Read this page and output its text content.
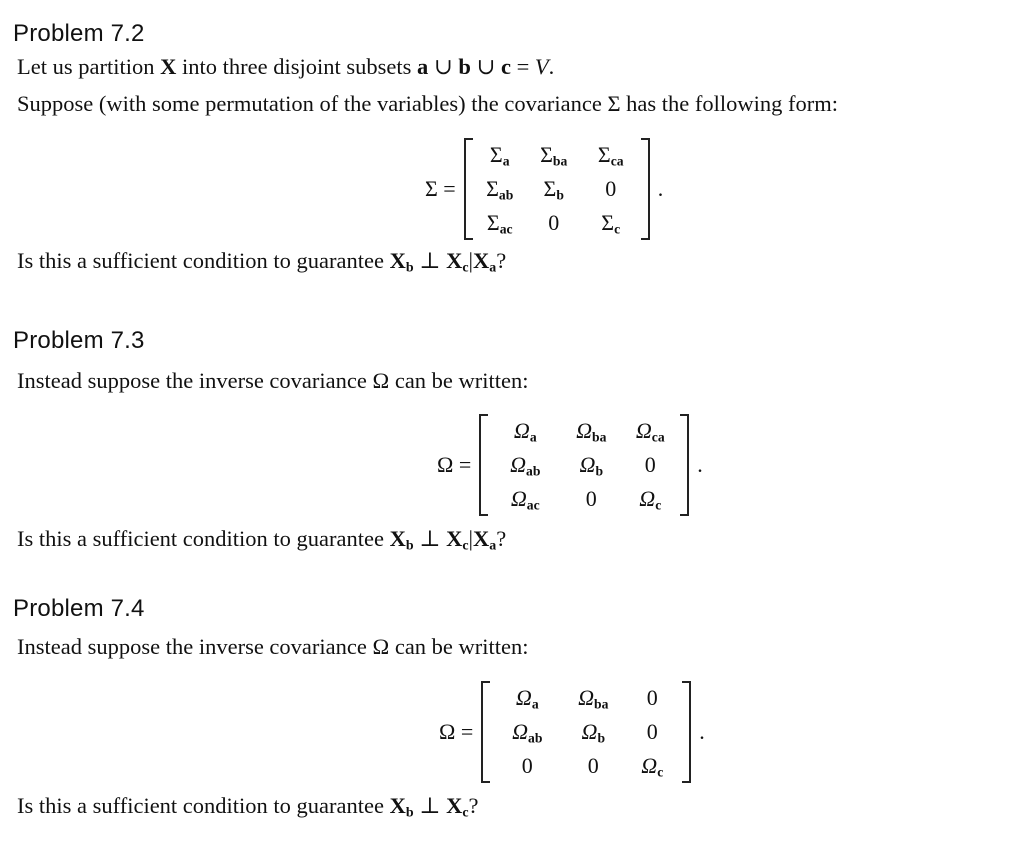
Problem 7.2
Let us partition X into three disjoint subsets a ∪ b ∪ c = V.
Suppose (with some permutation of the variables) the covariance Σ has the following form:
Σ =
$\Sigma_a$	$\Sigma_{ba}$	$\Sigma_{ca}$
$\Sigma_{ab}$	$\Sigma_b$	0
$\Sigma_{ac}$	0	$\Sigma_c$
.
Is this a sufficient condition to guarantee $X_b$ ⊥ $X_c|X_a$?
Problem 7.3
Instead suppose the inverse covariance Ω can be written:
Ω =
$\Omega_a$	$\Omega_{ba}$	$\Omega_{ca}$
$\Omega_{ab}$	$\Omega_b$	0
$\Omega_{ac}$	0	$\Omega_c$
.
Is this a sufficient condition to guarantee $X_b$ ⊥ $X_c|X_a$?
Problem 7.4
Instead suppose the inverse covariance Ω can be written:
Ω =
$\Omega_a$	$\Omega_{ba}$	0
$\Omega_{ab}$	$\Omega_b$	0
0	0	$\Omega_c$
.
Is this a sufficient condition to guarantee $X_b$ ⊥ $X_c$?
